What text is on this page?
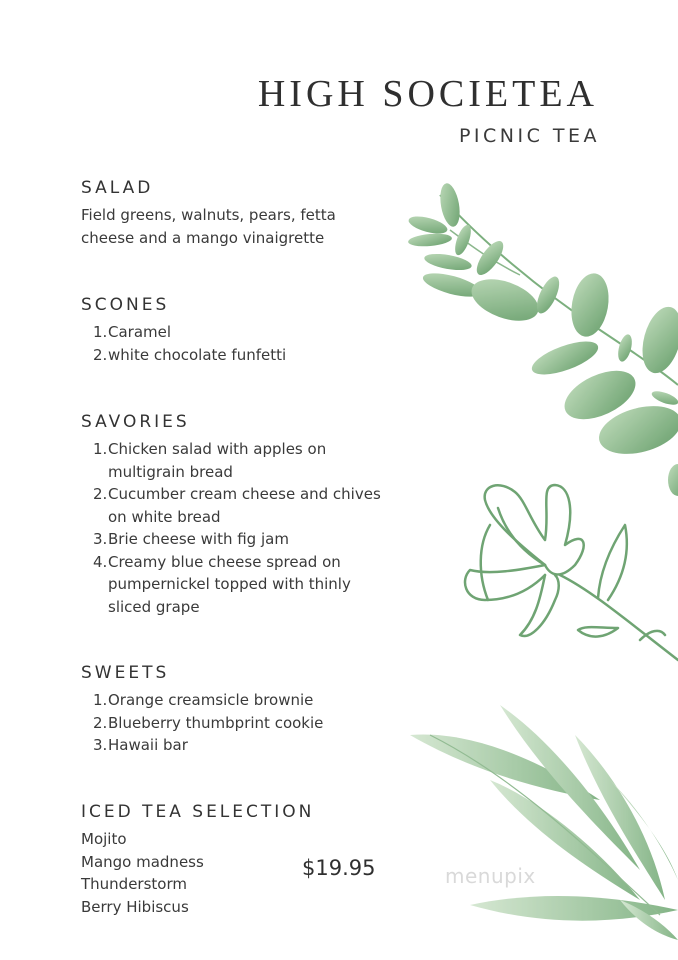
HIGH SOCIETEA
PICNIC TEA
SALAD
Field greens, walnuts, pears, fetta cheese and a mango vinaigrette
SCONES
1. Caramel
2. white chocolate funfetti
SAVORIES
1. Chicken salad with apples on multigrain bread
2. Cucumber cream cheese and chives on white bread
3. Brie cheese with fig jam
4. Creamy blue cheese spread on pumpernickel topped with thinly sliced grape
SWEETS
1. Orange creamsicle brownie
2. Blueberry thumbprint cookie
3. Hawaii bar
ICED TEA SELECTION
Mojito
Mango madness
Thunderstorm
Berry Hibiscus
$19.95	menupix
